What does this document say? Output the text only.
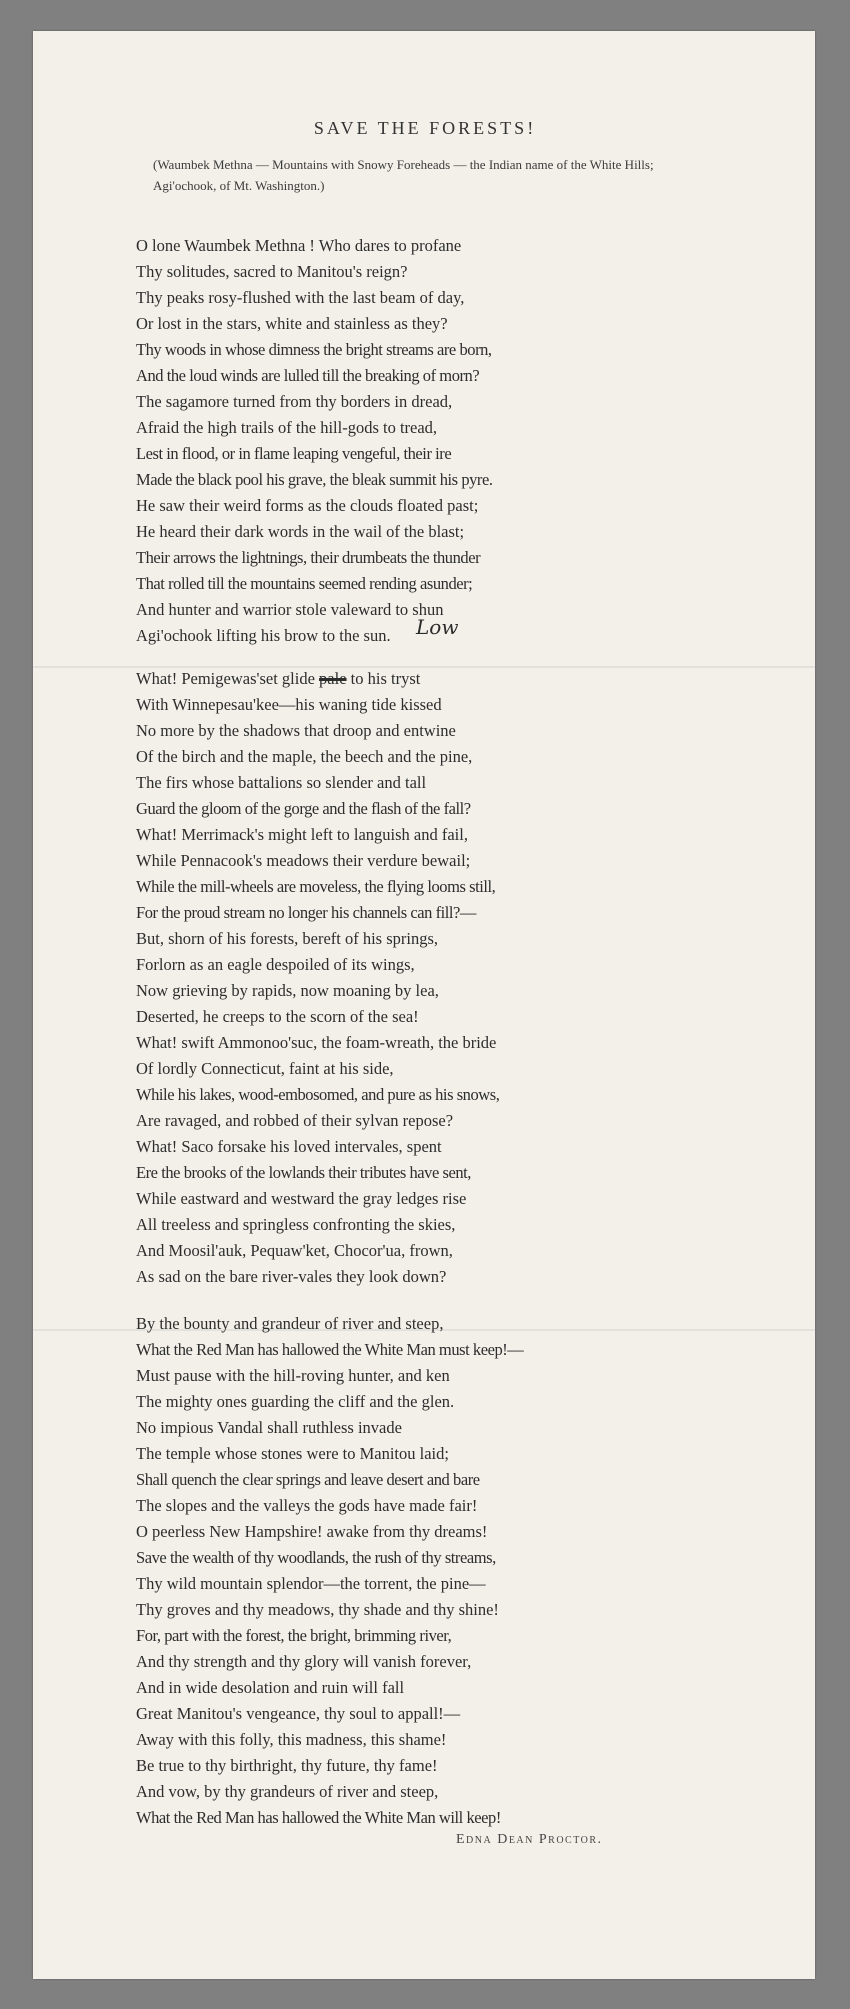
SAVE THE FORESTS!
(Waumbek Methna — Mountains with Snowy Foreheads — the Indian name of the White Hills; Agi'ochook, of Mt. Washington.)
O lone Waumbek Methna ! Who dares to profane
Thy solitudes, sacred to Manitou's reign?
Thy peaks rosy-flushed with the last beam of day,
Or lost in the stars, white and stainless as they?
Thy woods in whose dimness the bright streams are born,
And the loud winds are lulled till the breaking of morn?
The sagamore turned from thy borders in dread,
Afraid the high trails of the hill-gods to tread,
Lest in flood, or in flame leaping vengeful, their ire
Made the black pool his grave, the bleak summit his pyre.
He saw their weird forms as the clouds floated past;
He heard their dark words in the wail of the blast;
Their arrows the lightnings, their drumbeats the thunder
That rolled till the mountains seemed rending asunder;
And hunter and warrior stole valeward to shun
Agi'ochook lifting his brow to the sun.	Low
What! Pemigewas'set glide pale to his tryst
With Winnepesau'kee—his waning tide kissed
No more by the shadows that droop and entwine
Of the birch and the maple, the beech and the pine,
The firs whose battalions so slender and tall
Guard the gloom of the gorge and the flash of the fall?
What! Merrimack's might left to languish and fail,
While Pennacook's meadows their verdure bewail;
While the mill-wheels are moveless, the flying looms still,
For the proud stream no longer his channels can fill?—
But, shorn of his forests, bereft of his springs,
Forlorn as an eagle despoiled of its wings,
Now grieving by rapids, now moaning by lea,
Deserted, he creeps to the scorn of the sea!
What! swift Ammonoo'suc, the foam-wreath, the bride
Of lordly Connecticut, faint at his side,
While his lakes, wood-embosomed, and pure as his snows,
Are ravaged, and robbed of their sylvan repose?
What! Saco forsake his loved intervales, spent
Ere the brooks of the lowlands their tributes have sent,
While eastward and westward the gray ledges rise
All treeless and springless confronting the skies,
And Moosil'auk, Pequaw'ket, Chocor'ua, frown,
As sad on the bare river-vales they look down?
By the bounty and grandeur of river and steep,
What the Red Man has hallowed the White Man must keep!—
Must pause with the hill-roving hunter, and ken
The mighty ones guarding the cliff and the glen.
No impious Vandal shall ruthless invade
The temple whose stones were to Manitou laid;
Shall quench the clear springs and leave desert and bare
The slopes and the valleys the gods have made fair!
O peerless New Hampshire! awake from thy dreams!
Save the wealth of thy woodlands, the rush of thy streams,
Thy wild mountain splendor—the torrent, the pine—
Thy groves and thy meadows, thy shade and thy shine!
For, part with the forest, the bright, brimming river,
And thy strength and thy glory will vanish forever,
And in wide desolation and ruin will fall
Great Manitou's vengeance, thy soul to appall!—
Away with this folly, this madness, this shame!
Be true to thy birthright, thy future, thy fame!
And vow, by thy grandeurs of river and steep,
What the Red Man has hallowed the White Man will keep!
Edna Dean Proctor.
